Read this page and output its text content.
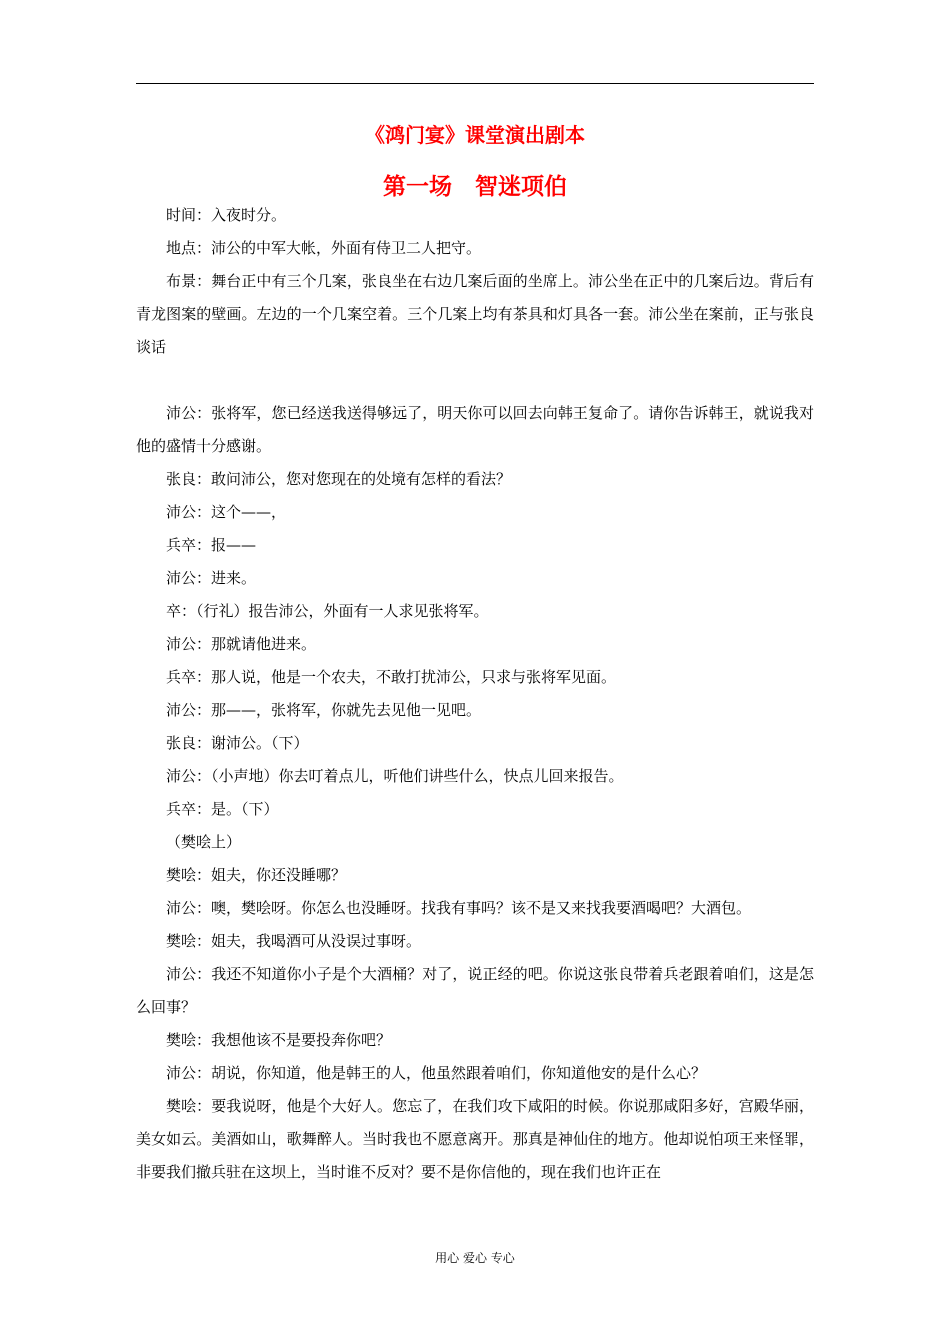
《鸿门宴》课堂演出剧本
第一场　智迷项伯

时间：入夜时分。

地点：沛公的中军大帐，外面有侍卫二人把守。

布景：舞台正中有三个几案，张良坐在右边几案后面的坐席上。沛公坐在正中的几案后边。背后有青龙图案的壁画。左边的一个几案空着。三个几案上均有茶具和灯具各一套。沛公坐在案前，正与张良谈话

沛公：张将军，您已经送我送得够远了，明天你可以回去向韩王复命了。请你告诉韩王，就说我对他的盛情十分感谢。

张良：敢问沛公，您对您现在的处境有怎样的看法？

沛公：这个——，

兵卒：报——

沛公：进来。

卒：（行礼）报告沛公，外面有一人求见张将军。

沛公：那就请他进来。

兵卒：那人说，他是一个农夫，不敢打扰沛公，只求与张将军见面。

沛公：那——，张将军，你就先去见他一见吧。

张良：谢沛公。（下）

沛公：（小声地）你去叮着点儿，听他们讲些什么，快点儿回来报告。

兵卒：是。（下）

（樊哙上）

樊哙：姐夫，你还没睡哪？

沛公：噢，樊哙呀。你怎么也没睡呀。找我有事吗？该不是又来找我要酒喝吧？大酒包。

樊哙：姐夫，我喝酒可从没误过事呀。

沛公：我还不知道你小子是个大酒桶？对了，说正经的吧。你说这张良带着兵老跟着咱们，这是怎么回事？

樊哙：我想他该不是要投奔你吧？

沛公：胡说，你知道，他是韩王的人，他虽然跟着咱们，你知道他安的是什么心？

樊哙：要我说呀，他是个大好人。您忘了，在我们攻下咸阳的时候。你说那咸阳多好，宫殿华丽，美女如云。美酒如山，歌舞醉人。当时我也不愿意离开。那真是神仙住的地方。他却说怕项王来怪罪，非要我们撤兵驻在这坝上，当时谁不反对？要不是你信他的，现在我们也许正在

用心 爱心 专心
